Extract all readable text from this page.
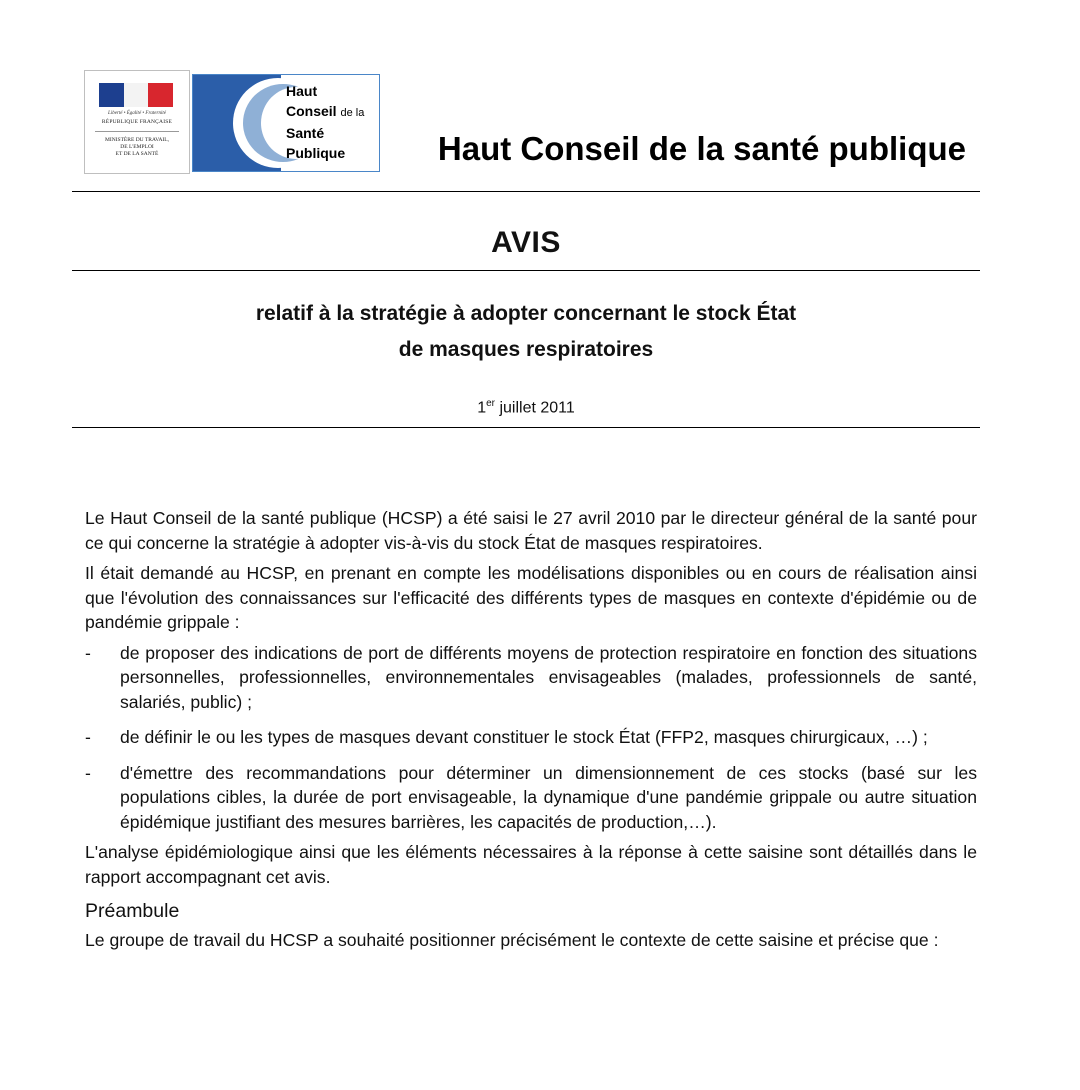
Liberté • Égalité • Fraternité
RÉPUBLIQUE FRANÇAISE
MINISTÈRE DU TRAVAIL,
DE L'EMPLOI
ET DE LA SANTÉ
Haut
Conseil de la
Santé
Publique	Haut Conseil de la santé publique
AVIS
relatif à la stratégie à adopter concernant le stock État
de masques respiratoires
1er juillet 2011

Le Haut Conseil de la santé publique (HCSP) a été saisi le 27 avril 2010 par le directeur général de la santé pour ce qui concerne la stratégie à adopter vis-à-vis du stock État de masques respiratoires.

Il était demandé au HCSP, en prenant en compte les modélisations disponibles ou en cours de réalisation ainsi que l'évolution des connaissances sur l'efficacité des différents types de masques en contexte d'épidémie ou de pandémie grippale :

- de proposer des indications de port de différents moyens de protection respiratoire en fonction des situations personnelles, professionnelles, environnementales envisageables (malades, professionnels de santé, salariés, public) ;
- de définir le ou les types de masques devant constituer le stock État (FFP2, masques chirurgicaux, …) ;
- d'émettre des recommandations pour déterminer un dimensionnement de ces stocks (basé sur les populations cibles, la durée de port envisageable, la dynamique d'une pandémie grippale ou autre situation épidémique justifiant des mesures barrières, les capacités de production,…).

L'analyse épidémiologique ainsi que les éléments nécessaires à la réponse à cette saisine sont détaillés dans le rapport accompagnant cet avis.

Préambule

Le groupe de travail du HCSP a souhaité positionner précisément le contexte de cette saisine et précise que :
